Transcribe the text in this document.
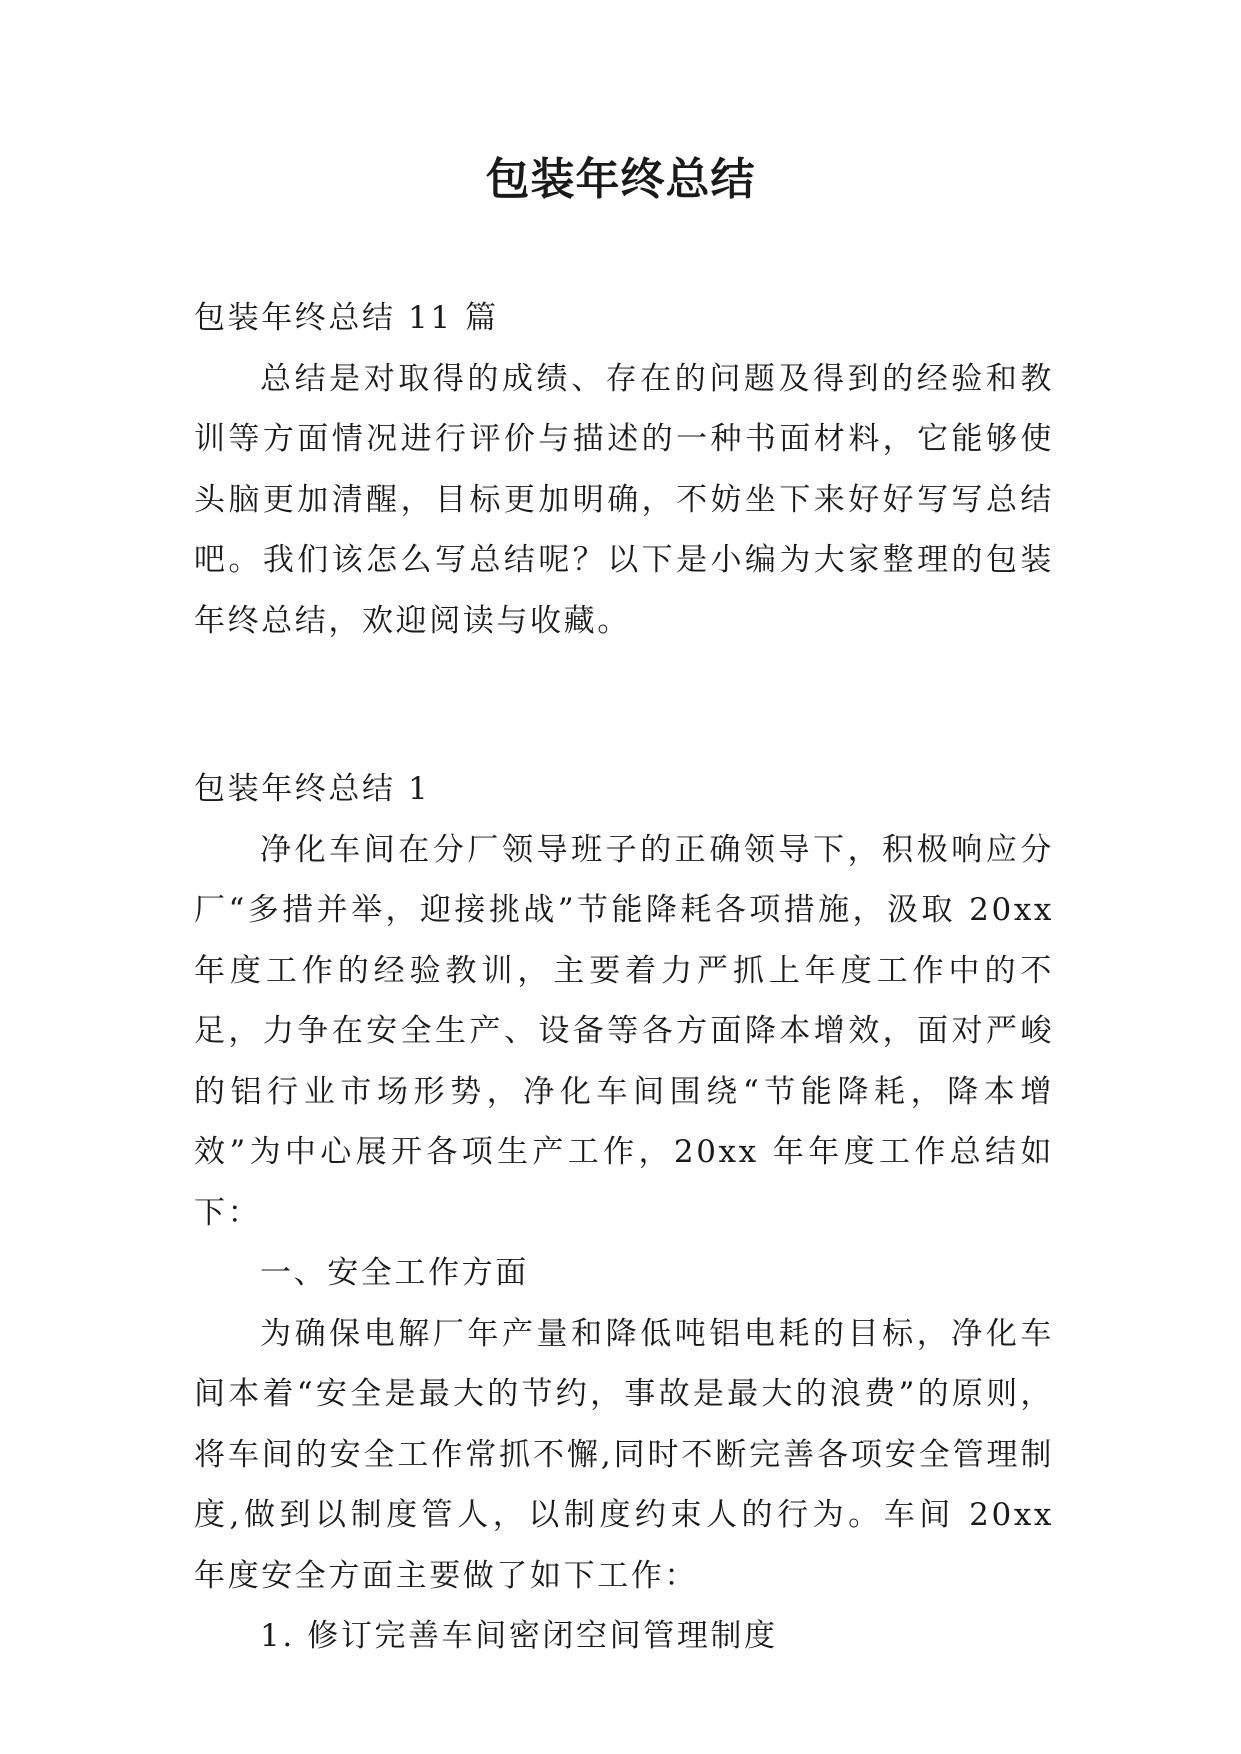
包装年终总结

包装年终总结 11 篇

总结是对取得的成绩、存在的问题及得到的经验和教训等方面情况进行评价与描述的一种书面材料，它能够使头脑更加清醒，目标更加明确，不妨坐下来好好写写总结吧。我们该怎么写总结呢？以下是小编为大家整理的包装年终总结，欢迎阅读与收藏。

包装年终总结 1

净化车间在分厂领导班子的正确领导下，积极响应分厂“多措并举，迎接挑战”节能降耗各项措施，汲取 20xx 年度工作的经验教训，主要着力严抓上年度工作中的不足，力争在安全生产、设备等各方面降本增效，面对严峻的铝行业市场形势，净化车间围绕“节能降耗，降本增效”为中心展开各项生产工作，20xx 年年度工作总结如下：

一、安全工作方面

为确保电解厂年产量和降低吨铝电耗的目标，净化车间本着“安全是最大的节约，事故是最大的浪费”的原则，将车间的安全工作常抓不懈,同时不断完善各项安全管理制度,做到以制度管人，以制度约束人的行为。车间 20xx 年度安全方面主要做了如下工作：

1. 修订完善车间密闭空间管理制度
